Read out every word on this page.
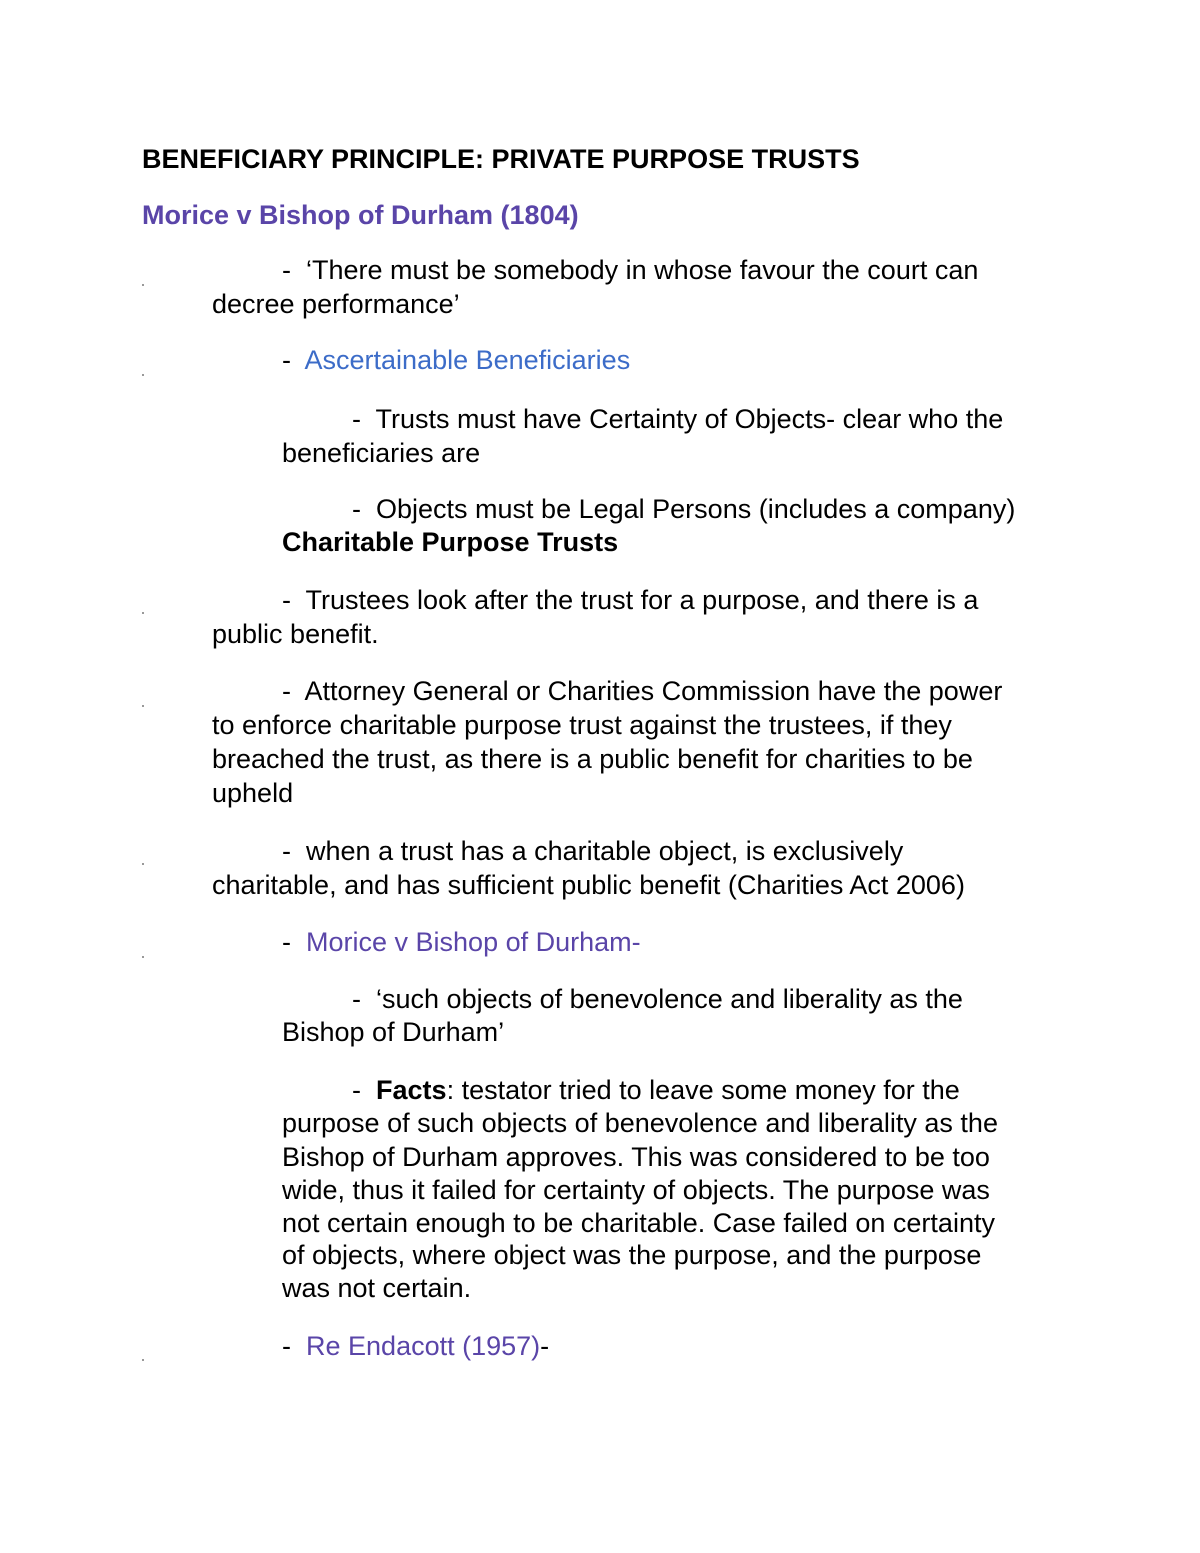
BENEFICIARY PRINCIPLE: PRIVATE PURPOSE TRUSTS
Morice v Bishop of Durham (1804)
- ‘There must be somebody in whose favour the court can
decree performance’
- Ascertainable Beneficiaries
- Trusts must have Certainty of Objects- clear who the
beneficiaries are
- Objects must be Legal Persons (includes a company)
Charitable Purpose Trusts
- Trustees look after the trust for a purpose, and there is a
public benefit.
- Attorney General or Charities Commission have the power
to enforce charitable purpose trust against the trustees, if they
breached the trust, as there is a public benefit for charities to be
upheld
- when a trust has a charitable object, is exclusively
charitable, and has sufficient public benefit (Charities Act 2006)
- Morice v Bishop of Durham-
- ‘such objects of benevolence and liberality as the
Bishop of Durham’
- Facts: testator tried to leave some money for the
purpose of such objects of benevolence and liberality as the
Bishop of Durham approves. This was considered to be too
wide, thus it failed for certainty of objects. The purpose was
not certain enough to be charitable. Case failed on certainty
of objects, where object was the purpose, and the purpose
was not certain.
- Re Endacott (1957)-
